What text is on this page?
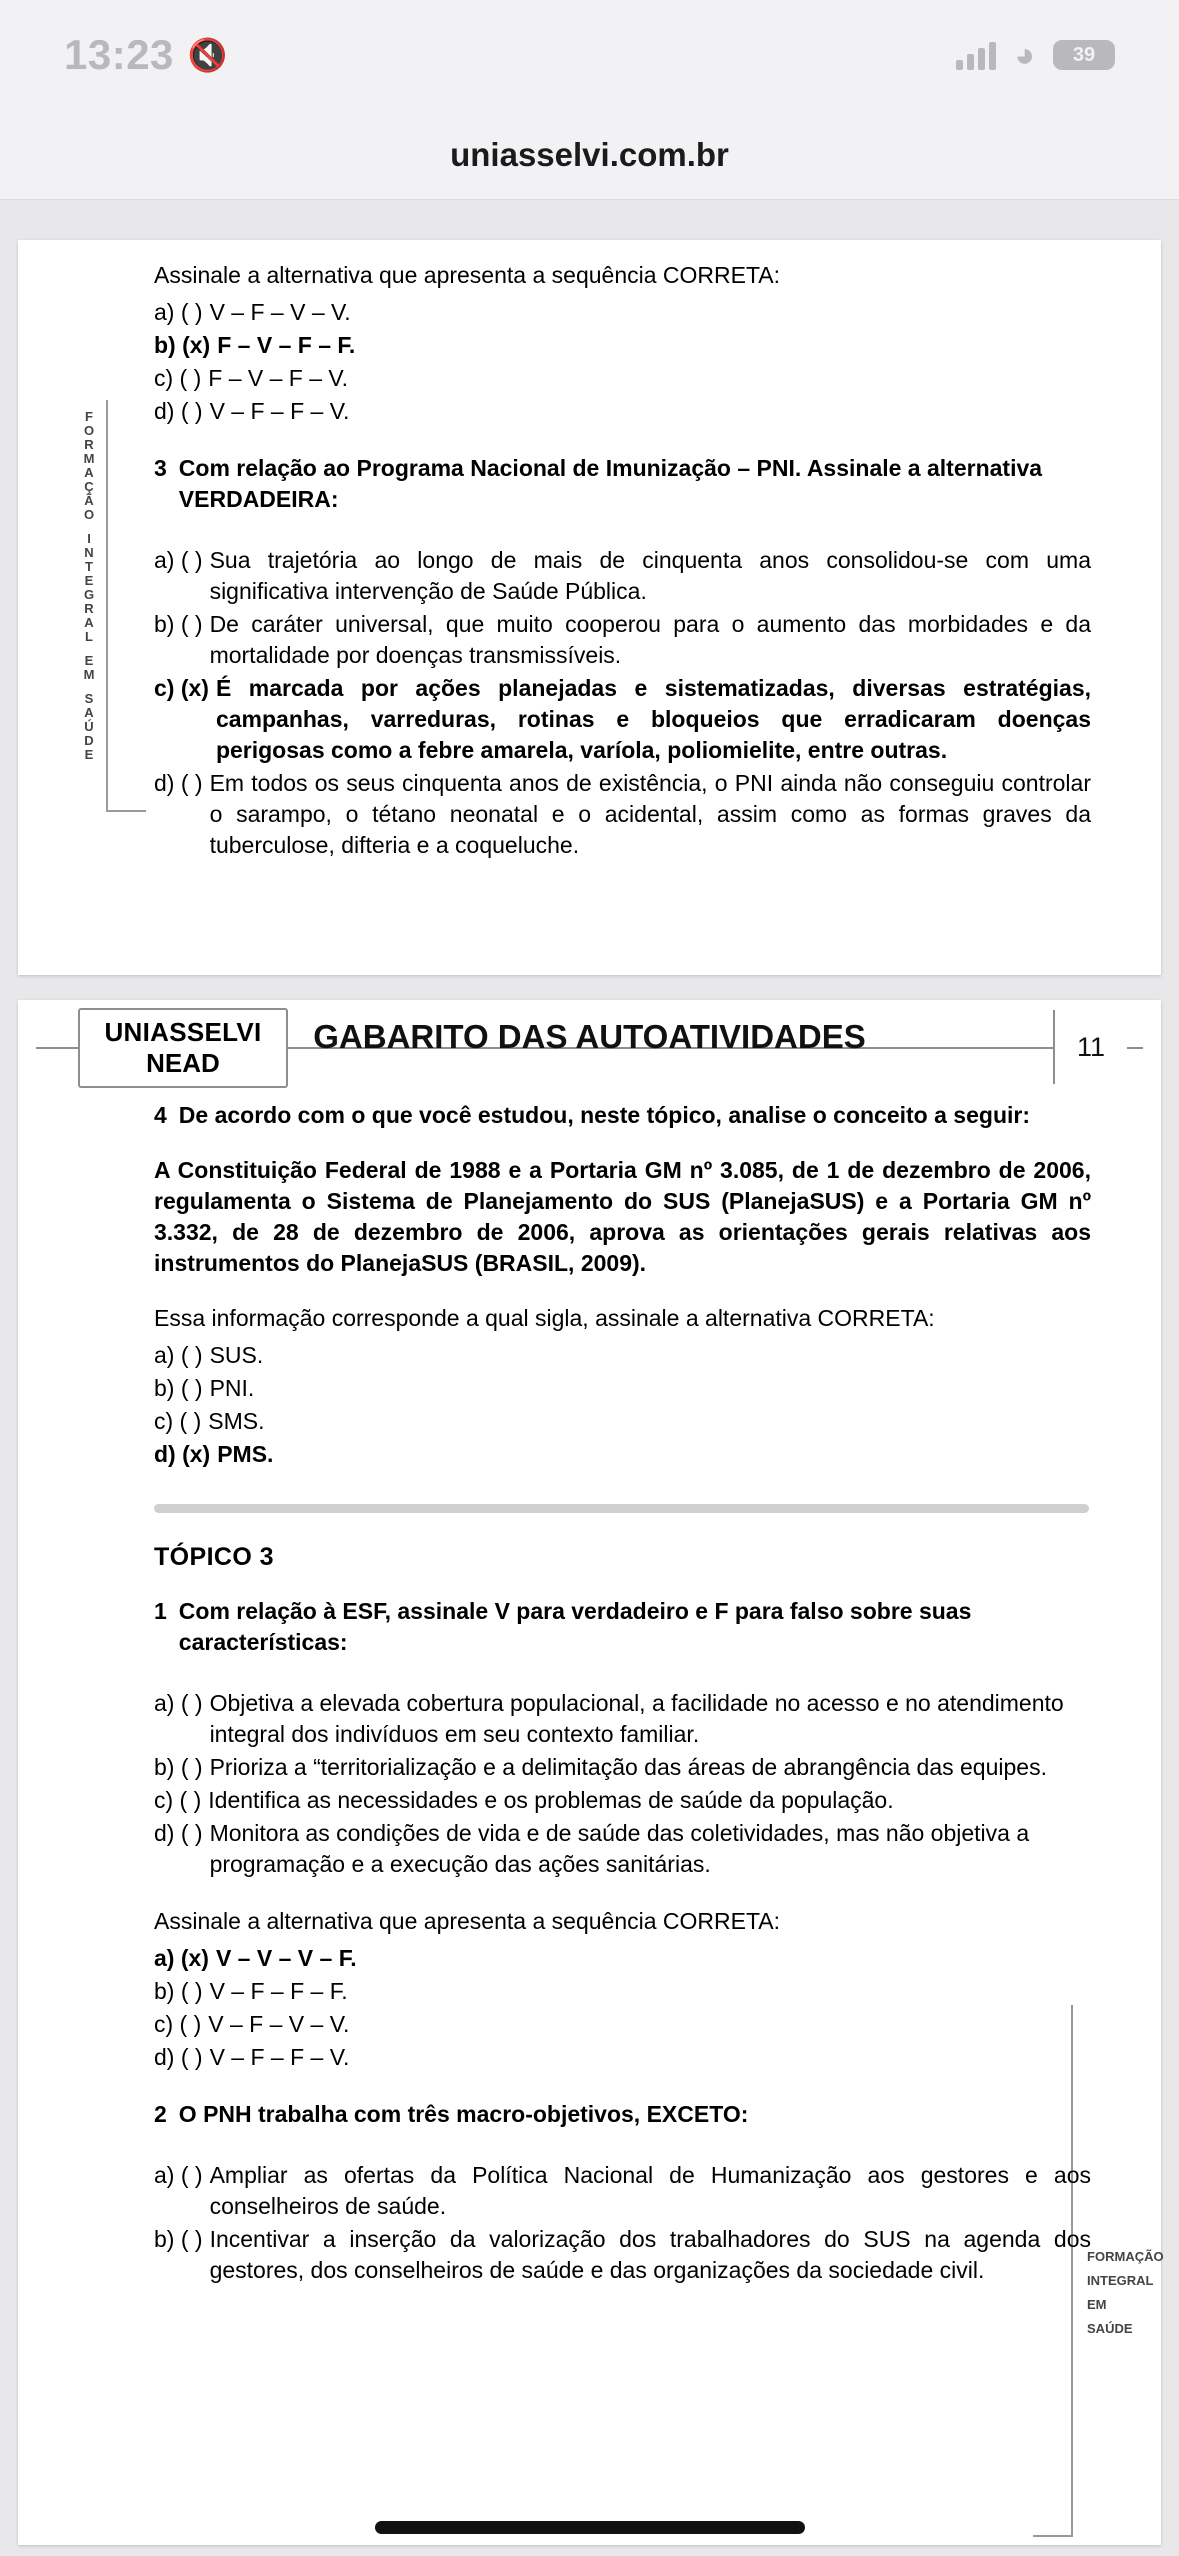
13:23 🔇	◕	39
uniasselvi.com.br
F
O
R
M
A
Ç
Ã
O
I
N
T
E
G
R
A
L
E
M
S
A
Ú
D
E
Assinale a alternativa que apresenta a sequência CORRETA:
a) ( ) V – F – V – V.
b) (x) F – V – F – F.
c) ( ) F – V – F – V.
d) ( ) V – F – F – V.
3 Com relação ao Programa Nacional de Imunização – PNI. Assinale a alternativa VERDADEIRA:
a) ( ) Sua trajetória ao longo de mais de cinquenta anos consolidou-se com uma significativa intervenção de Saúde Pública.
b) ( ) De caráter universal, que muito cooperou para o aumento das morbidades e da mortalidade por doenças transmissíveis.
c) (x) É marcada por ações planejadas e sistematizadas, diversas estratégias, campanhas, varreduras, rotinas e bloqueios que erradicaram doenças perigosas como a febre amarela, varíola, poliomielite, entre outras.
d) ( ) Em todos os seus cinquenta anos de existência, o PNI ainda não conseguiu controlar o sarampo, o tétano neonatal e o acidental, assim como as formas graves da tuberculose, difteria e a coqueluche.
GABARITO DAS AUTOATIVIDADES
UNIASSELVI
NEAD
11
4 De acordo com o que você estudou, neste tópico, analise o conceito a seguir:
A Constituição Federal de 1988 e a Portaria GM nº 3.085, de 1 de dezembro de 2006, regulamenta o Sistema de Planejamento do SUS (PlanejaSUS) e a Portaria GM nº 3.332, de 28 de dezembro de 2006, aprova as orientações gerais relativas aos instrumentos do PlanejaSUS (BRASIL, 2009).
Essa informação corresponde a qual sigla, assinale a alternativa CORRETA:
a) ( ) SUS.
b) ( ) PNI.
c) ( ) SMS.
d) (x) PMS.
FORMAÇÃO
INTEGRAL
EM
SAÚDE
TÓPICO 3
1 Com relação à ESF, assinale V para verdadeiro e F para falso sobre suas características:
a) ( ) Objetiva a elevada cobertura populacional, a facilidade no acesso e no atendimento integral dos indivíduos em seu contexto familiar.
b) ( ) Prioriza a “territorialização e a delimitação das áreas de abrangência das equipes.
c) ( ) Identifica as necessidades e os problemas de saúde da população.
d) ( ) Monitora as condições de vida e de saúde das coletividades, mas não objetiva a programação e a execução das ações sanitárias.
Assinale a alternativa que apresenta a sequência CORRETA:
a) (x) V – V – V – F.
b) ( ) V – F – F – F.
c) ( ) V – F – V – V.
d) ( ) V – F – F – V.
2 O PNH trabalha com três macro-objetivos, EXCETO:
a) ( ) Ampliar as ofertas da Política Nacional de Humanização aos gestores e aos conselheiros de saúde.
b) ( ) Incentivar a inserção da valorização dos trabalhadores do SUS na agenda dos gestores, dos conselheiros de saúde e das organizações da sociedade civil.
